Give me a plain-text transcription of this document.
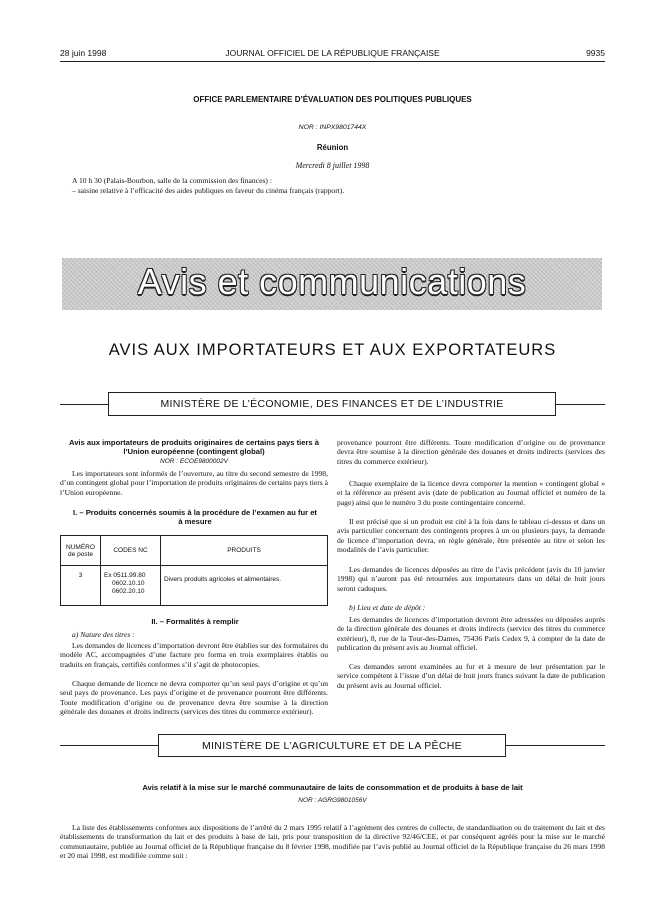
28 juin 1998	JOURNAL OFFICIEL DE LA RÉPUBLIQUE FRANÇAISE	9935
OFFICE PARLEMENTAIRE D’ÉVALUATION DES POLITIQUES PUBLIQUES
NOR : INPX9801744X
Réunion
Mercredi 8 juillet 1998
A 10 h 30 (Palais-Bourbon, salle de la commission des finances) :
– saisine relative à l’efficacité des aides publiques en faveur du cinéma français (rapport).
Avis et communications
AVIS AUX IMPORTATEURS ET AUX EXPORTATEURS
MINISTÈRE DE L’ÉCONOMIE, DES FINANCES ET DE L’INDUSTRIE
Avis aux importateurs de produits originaires de certains pays tiers à l’Union européenne (contingent global)
NOR : ECOE9800002V
Les importateurs sont informés de l’ouverture, au titre du second semestre de 1998, d’un contingent global pour l’importation de produits originaires de certains pays tiers à l’Union européenne.
I. – Produits concernés soumis à la procédure de l’examen au fur et à mesure
NUMÉRO de poste	CODES NC	PRODUITS
3	Ex 0511.99.80
0602.10.10
0602.20.10	Divers produits agricoles et alimentaires.
II. – Formalités à remplir
a) Nature des titres :
Les demandes de licences d’importation devront être établies sur des formulaires du modèle AC, accompagnées d’une facture pro forma en trois exemplaires établis ou traduits en français, certifiés conformes s’il s’agit de photocopies.
Chaque demande de licence ne devra comporter qu’un seul pays d’origine et qu’un seul pays de provenance. Les pays d’origine et de provenance pourront être différents. Toute modification d’origine ou de provenance devra être soumise à la direction générale des douanes et droits indirects (services des titres du commerce extérieur).
provenance pourront être différents. Toute modification d’origine ou de provenance devra être soumise à la direction générale des douanes et droits indirects (services des titres du commerce extérieur).
Chaque exemplaire de la licence devra comporter la mention « contingent global » et la référence au présent avis (date de publication au Journal officiel et numéro de la page) ainsi que le numéro 3 du poste contingentaire concerné.
Il est précisé que si un produit est cité à la fois dans le tableau ci-dessus et dans un avis particulier concernant des contingents propres à un ou plusieurs pays, la demande de licence d’importation devra, en règle générale, être présentée au titre et selon les modalités de l’avis particulier.
Les demandes de licences déposées au titre de l’avis précédent (avis du 10 janvier 1998) qui n’auront pas été retournées aux importateurs dans un délai de huit jours seront caduques.
b) Lieu et date de dépôt :
Les demandes de licences d’importation devront être adressées ou déposées auprès de la direction générale des douanes et droits indirects (service des titres du commerce extérieur), 8, rue de la Tour-des-Dames, 75436 Paris Cedex 9, à compter de la date de publication du présent avis au Journal officiel.
Ces demandes seront examinées au fur et à mesure de leur présentation par le service compétent à l’issue d’un délai de huit jours francs suivant la date de publication du présent avis au Journal officiel.
MINISTÈRE DE L’AGRICULTURE ET DE LA PÊCHE
Avis relatif à la mise sur le marché communautaire de laits de consommation et de produits à base de lait
NOR : AGRG9801056V
La liste des établissements conformes aux dispositions de l’arrêté du 2 mars 1995 relatif à l’agrément des centres de collecte, de standardisation ou de traitement du lait et des établissements de transformation du lait et des produits à base de lait, pris pour transposition de la directive 92/46/CEE, et par conséquent agréés pour la mise sur le marché communautaire, publiée au Journal officiel de la République française du 8 février 1998, modifiée par l’avis publié au Journal officiel de la République française du 26 mars 1998 et 20 mai 1998, est modifiée comme suit :
